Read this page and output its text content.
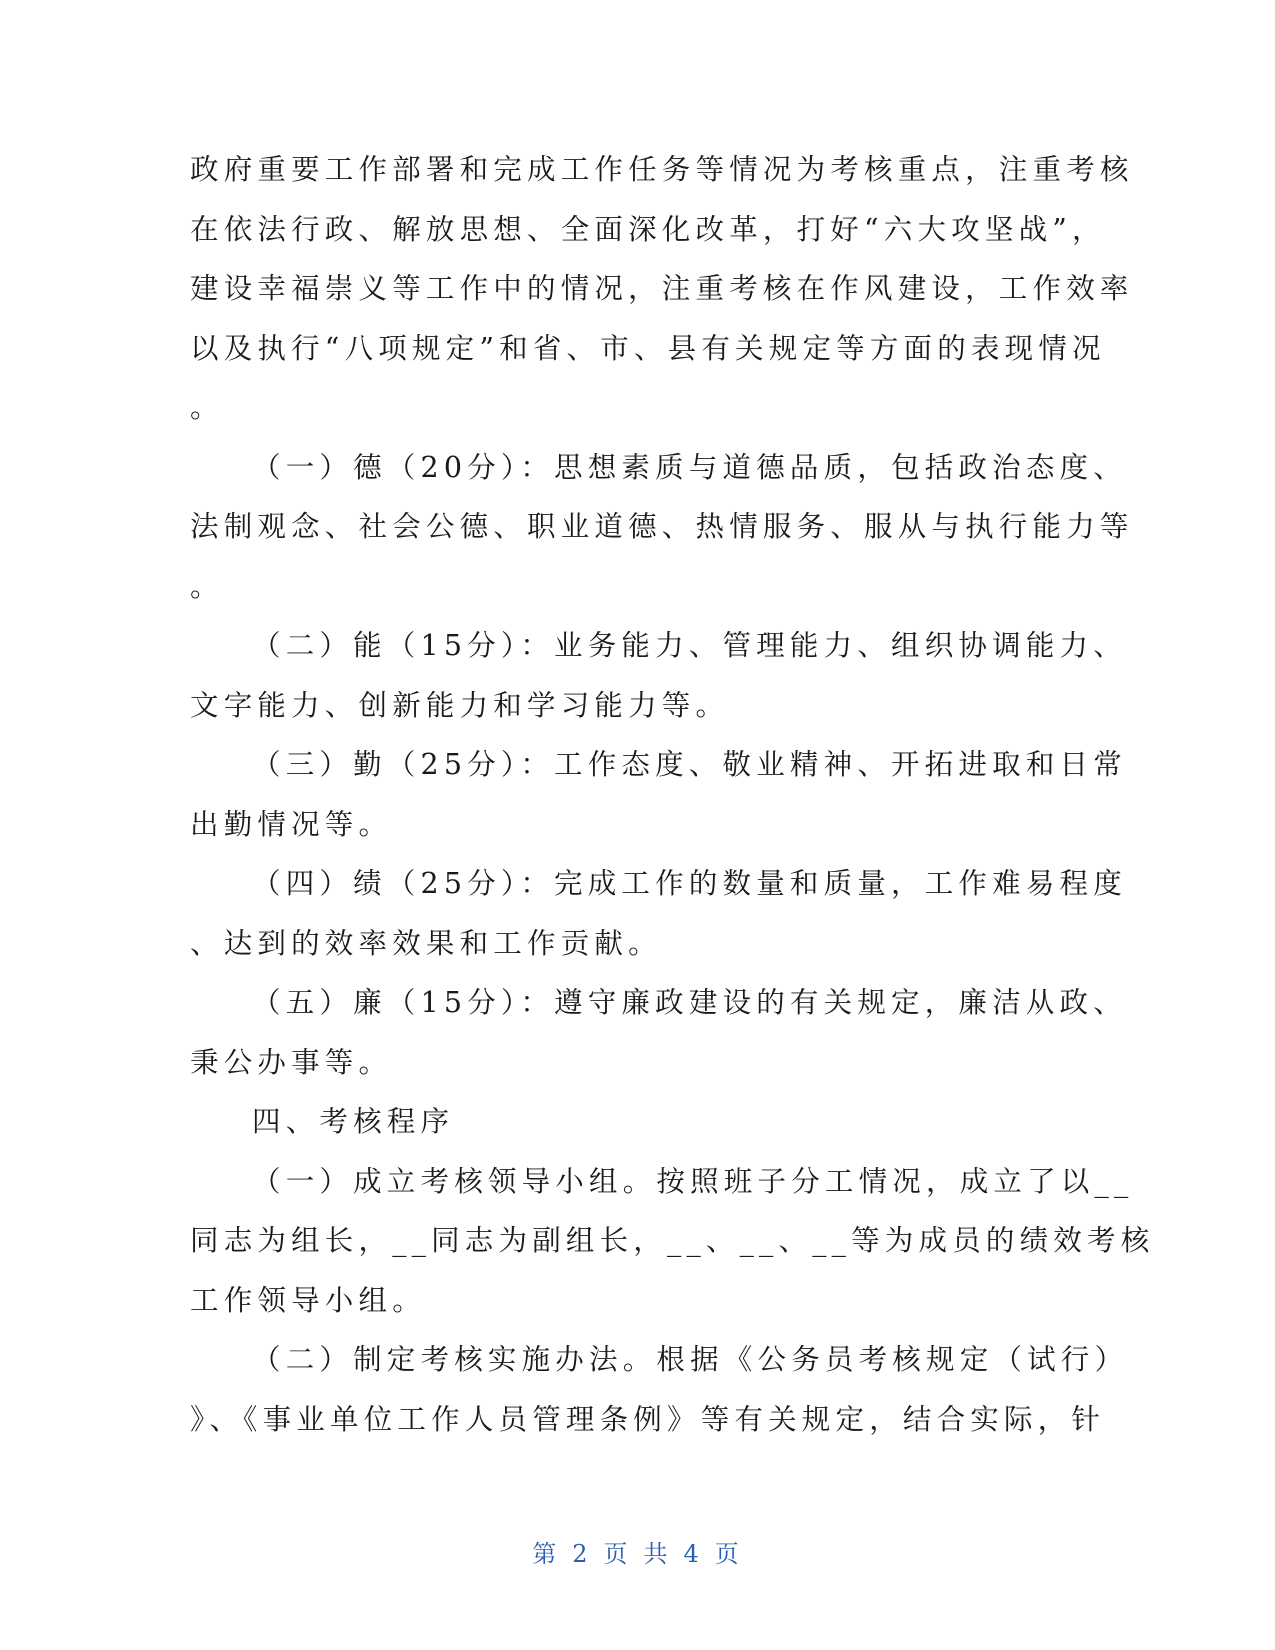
政府重要工作部署和完成工作任务等情况为考核重点，注重考核
在依法行政、解放思想、全面深化改革，打好“六大攻坚战”，
建设幸福崇义等工作中的情况，注重考核在作风建设，工作效率
以及执行“八项规定”和省、市、县有关规定等方面的表现情况
。
（一）德（20分）：思想素质与道德品质，包括政治态度、
法制观念、社会公德、职业道德、热情服务、服从与执行能力等
。
（二）能（15分）：业务能力、管理能力、组织协调能力、
文字能力、创新能力和学习能力等。
（三）勤（25分）：工作态度、敬业精神、开拓进取和日常
出勤情况等。
（四）绩（25分）：完成工作的数量和质量，工作难易程度
、达到的效率效果和工作贡献。
（五）廉（15分）：遵守廉政建设的有关规定，廉洁从政、
秉公办事等。
四、考核程序
（一）成立考核领导小组。按照班子分工情况，成立了以__
同志为组长，__同志为副组长，__、__、__等为成员的绩效考核
工作领导小组。
（二）制定考核实施办法。根据《公务员考核规定（试行）
》、《事业单位工作人员管理条例》等有关规定，结合实际，针
第 2 页 共 4 页
